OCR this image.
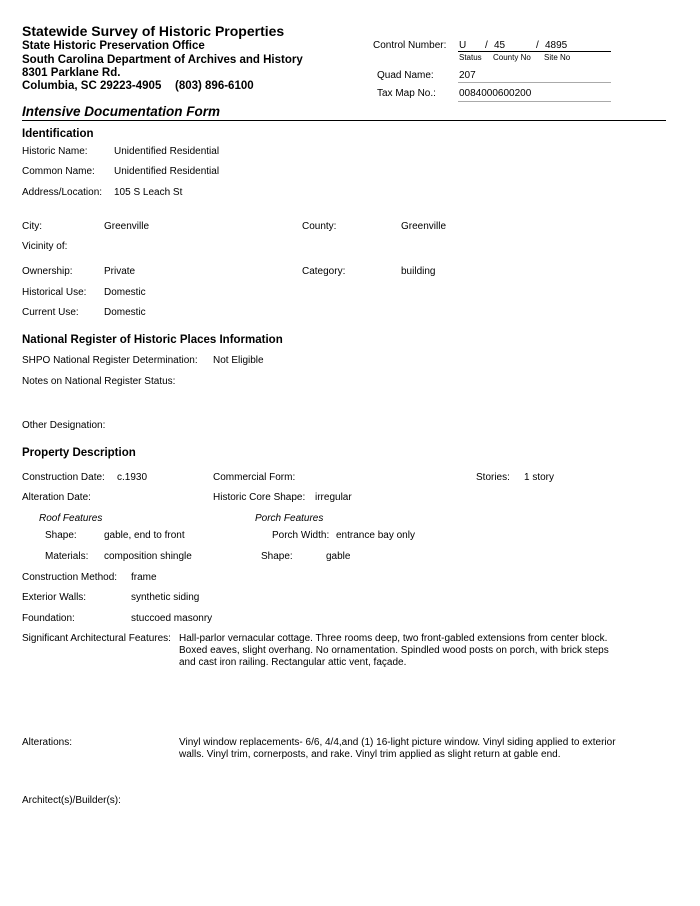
Statewide Survey of Historic Properties
State Historic Preservation Office
South Carolina Department of Archives and History
8301 Parklane Rd.
Columbia, SC 29223-4905 (803) 896-6100
Control Number: U / 45	/ 4895
Status County No Site No
Quad Name:	207
Tax Map No.: 0084000600200
Intensive Documentation Form
Identification
Historic Name:	Unidentified Residential
Common Name: Unidentified Residential
Address/Location: 105 S Leach St
City:	Greenville	County:	Greenville
Vicinity of:
Ownership:	Private	Category:	building
Historical Use: Domestic
Current Use:	Domestic
National Register of Historic Places Information
SHPO National Register Determination: Not Eligible
Notes on National Register Status:
Other Designation:
Property Description
Construction Date: c.1930	Commercial Form:	Stories: 1 story
Alteration Date:	Historic Core Shape: irregular
Roof Features	Porch Features
Shape:	gable, end to front	Porch Width: entrance bay only
Materials: composition shingle	Shape:	gable
Construction Method: frame
Exterior Walls:	synthetic siding
Foundation:	stuccoed masonry
Significant Architectural Features: Hall-parlor vernacular cottage. Three rooms deep, two front-gabled extensions from center block. Boxed eaves, slight overhang. No ornamentation. Spindled wood posts on porch, with brick steps and cast iron railing. Rectangular attic vent, façade.
Alterations:	Vinyl window replacements- 6/6, 4/4,and (1) 16-light picture window. Vinyl siding applied to exterior walls. Vinyl trim, cornerposts, and rake. Vinyl trim applied as slight return at gable end.
Architect(s)/Builder(s):
